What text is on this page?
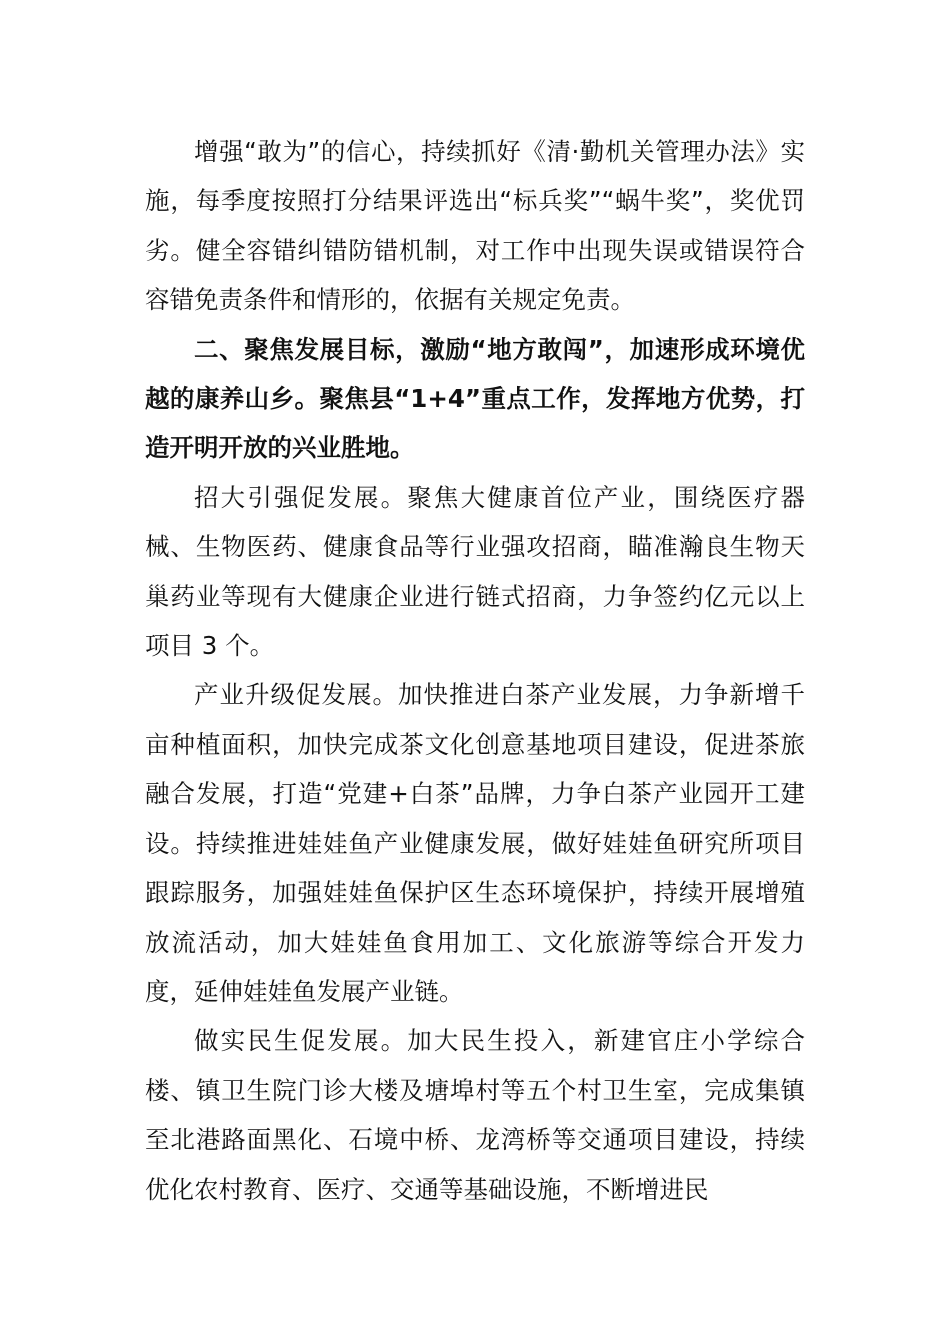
增强“敢为”的信心，持续抓好《清·勤机关管理办法》实施，每季度按照打分结果评选出“标兵奖”“蜗牛奖”，奖优罚劣。健全容错纠错防错机制，对工作中出现失误或错误符合容错免责条件和情形的，依据有关规定免责。

二、聚焦发展目标，激励“地方敢闯”，加速形成环境优越的康养山乡。聚焦县“1+4”重点工作，发挥地方优势，打造开明开放的兴业胜地。

招大引强促发展。聚焦大健康首位产业，围绕医疗器械、生物医药、健康食品等行业强攻招商，瞄准瀚良生物天巢药业等现有大健康企业进行链式招商，力争签约亿元以上项目 3 个。

产业升级促发展。加快推进白茶产业发展，力争新增千亩种植面积，加快完成茶文化创意基地项目建设，促进茶旅融合发展，打造“党建+白茶”品牌，力争白茶产业园开工建设。持续推进娃娃鱼产业健康发展，做好娃娃鱼研究所项目跟踪服务，加强娃娃鱼保护区生态环境保护，持续开展增殖放流活动，加大娃娃鱼食用加工、文化旅游等综合开发力度，延伸娃娃鱼发展产业链。

做实民生促发展。加大民生投入，新建官庄小学综合楼、镇卫生院门诊大楼及塘埠村等五个村卫生室，完成集镇至北港路面黑化、石境中桥、龙湾桥等交通项目建设，持续优化农村教育、医疗、交通等基础设施，不断增进民
